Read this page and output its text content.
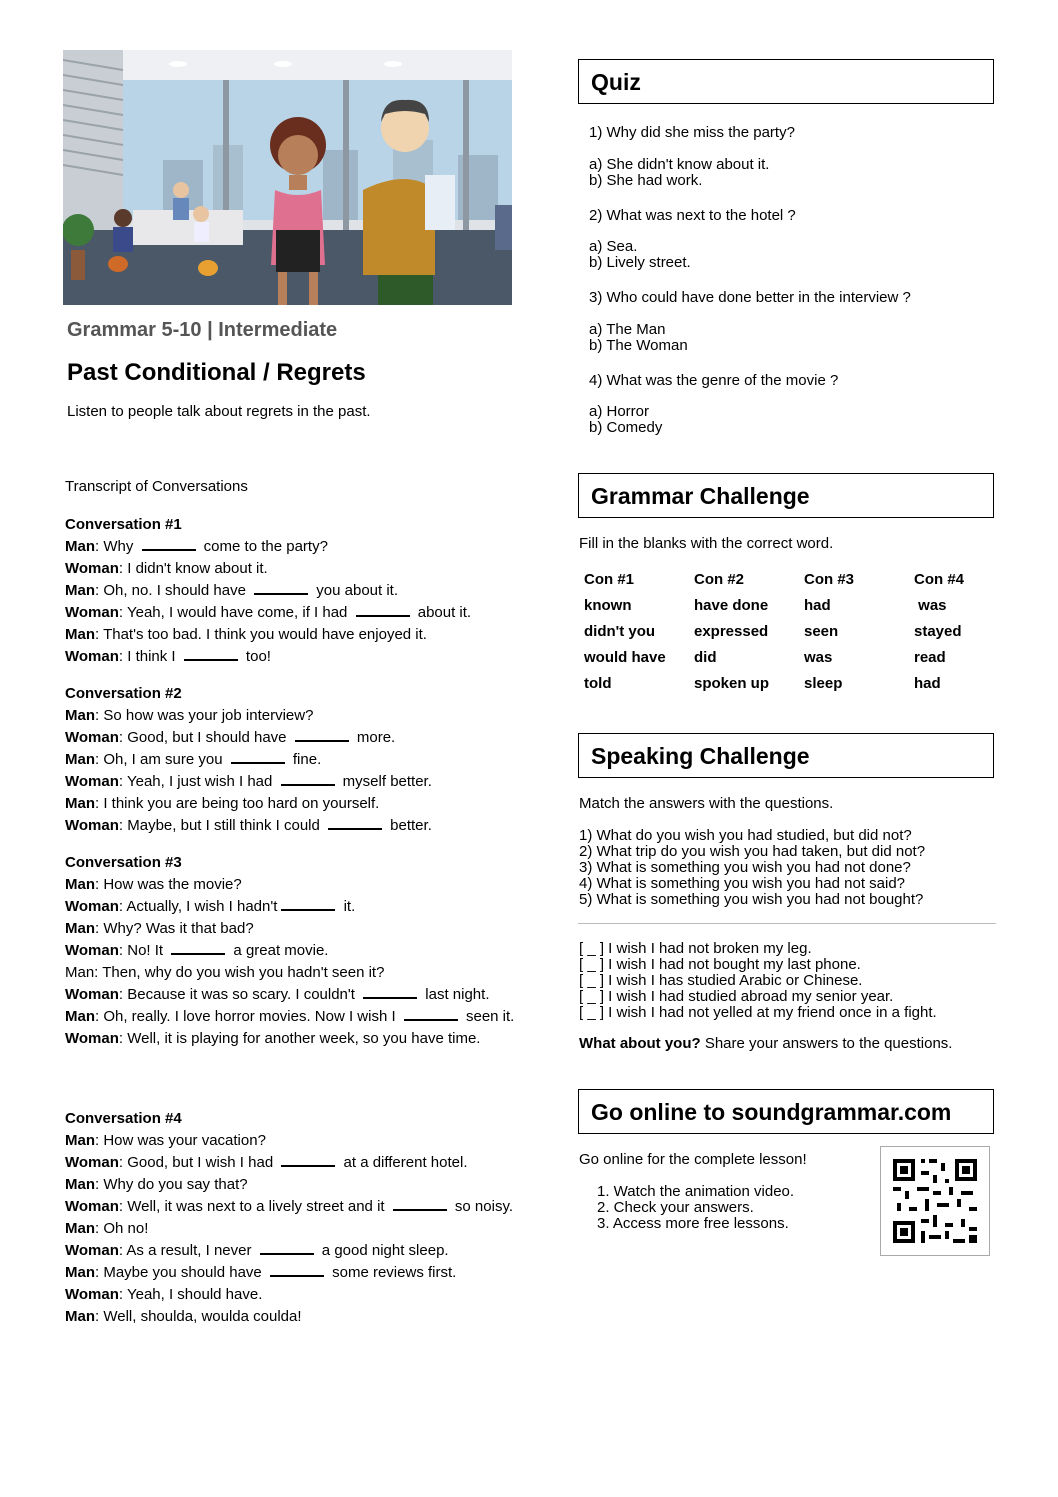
Grammar 5-10 | Intermediate
Past Conditional / Regrets
Listen to people talk about regrets in the past.
Transcript of Conversations
Conversation #1
Man: Why	come to the party?
Woman: I didn't know about it.
Man: Oh, no. I should have	you about it.
Woman: Yeah, I would have come, if I had	about it.
Man: That's too bad. I think you would have enjoyed it.
Woman: I think I	too!
Conversation #2
Man: So how was your job interview?
Woman: Good, but I should have	more.
Man: Oh, I am sure you	fine.
Woman: Yeah, I just wish I had	myself better.
Man: I think you are being too hard on yourself.
Woman: Maybe, but I still think I could	better.
Conversation #3
Man: How was the movie?
Woman: Actually, I wish I hadn't	it.
Man: Why? Was it that bad?
Woman: No! It	a great movie.
Man: Then, why do you wish you hadn't seen it?
Woman: Because it was so scary. I couldn't	last night.
Man: Oh, really. I love horror movies. Now I wish I	seen it.
Woman: Well, it is playing for another week, so you have time.
Conversation #4
Man: How was your vacation?
Woman: Good, but I wish I had	at a different hotel.
Man: Why do you say that?
Woman: Well, it was next to a lively street and it	so noisy.
Man: Oh no!
Woman: As a result, I never	a good night sleep.
Man: Maybe you should have	some reviews first.
Woman: Yeah, I should have.
Man: Well, shoulda, woulda coulda!
Quiz
1) Why did she miss the party?
a) She didn't know about it.
b) She had work.
2) What was next to the hotel ?
a) Sea.
b) Lively street.
3) Who could have done better in the interview ?
a) The Man
b) The Woman
4) What was the genre of the movie ?
a) Horror
b) Comedy
Grammar Challenge
Fill in the blanks with the correct word.
Con #1	Con #2	Con #3	Con #4
known	have done	had	was
didn't you	expressed	seen	stayed
would have	did	was	read
told	spoken up	sleep	had
Speaking Challenge
Match the answers with the questions.
1) What do you wish you had studied, but did not?
2) What trip do you wish you had taken, but did not?
3) What is something you wish you had not done?
4) What is something you wish you had not said?
5) What is something you wish you had not bought?
[ _ ] I wish I had not broken my leg.
[ _ ] I wish I had not bought my last phone.
[ _ ] I wish I has studied Arabic or Chinese.
[ _ ] I wish I had studied abroad my senior year.
[ _ ] I wish I had not yelled at my friend once in a fight.
What about you? Share your answers to the questions.
Go online to soundgrammar.com
Go online for the complete lesson!
1. Watch the animation video.
2. Check your answers.
3. Access more free lessons.
